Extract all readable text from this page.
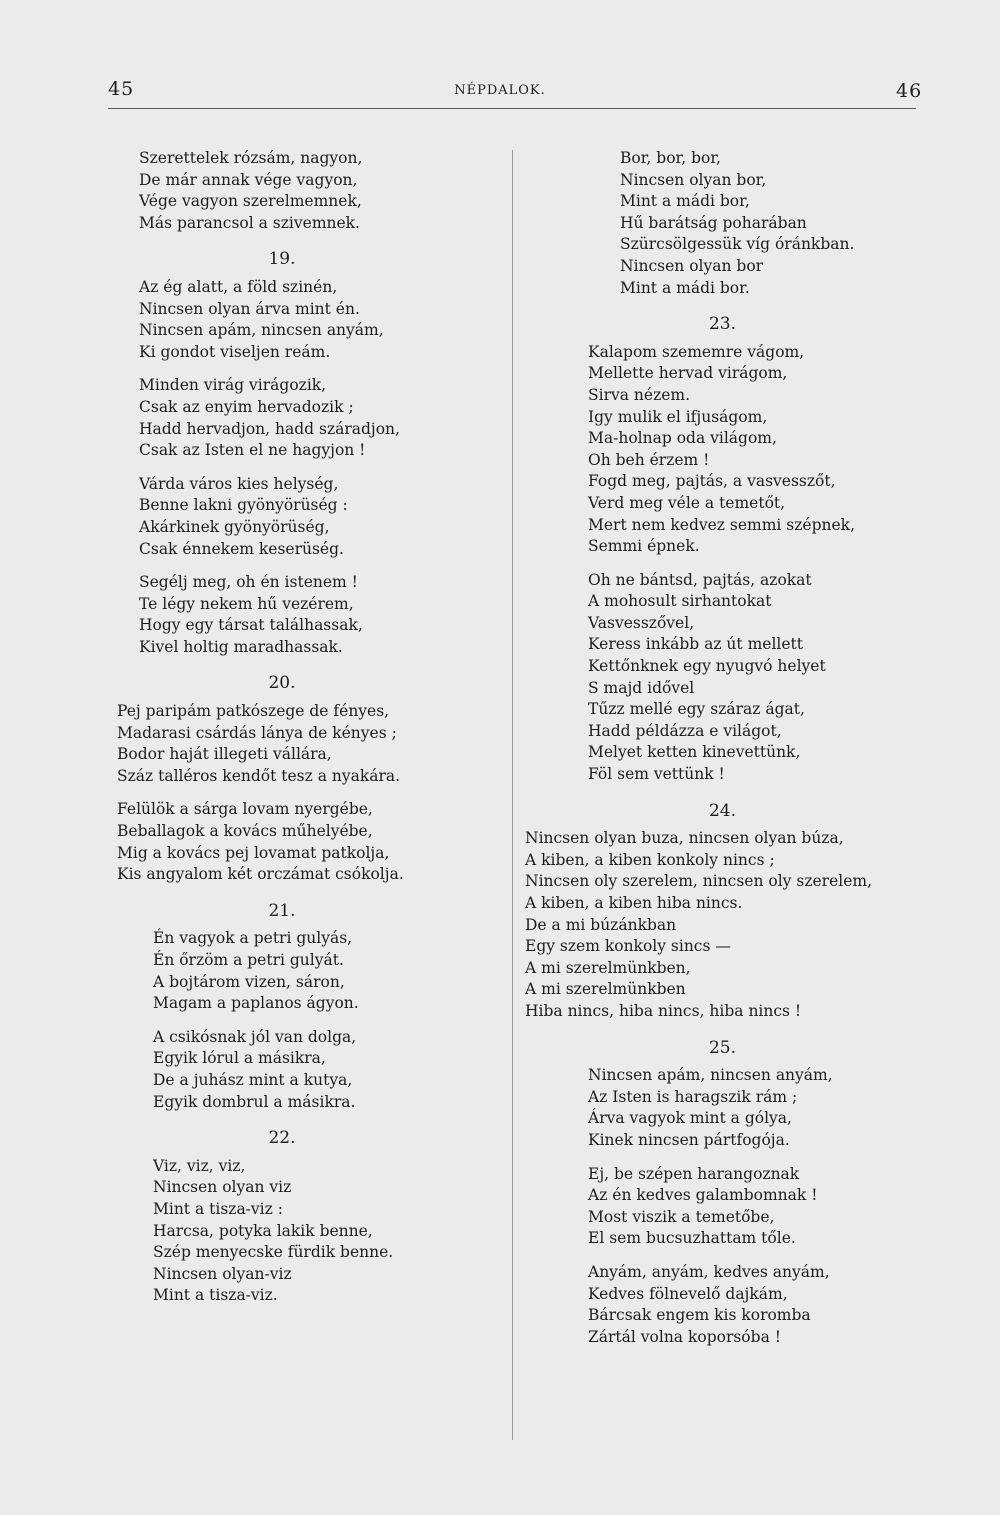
45	NÉPDALOK.	46
Szerettelek rózsám, nagyon,
De már annak vége vagyon,
Vége vagyon szerelmemnek,
Más parancsol a szivemnek.
19.
Az ég alatt, a föld szinén,
Nincsen olyan árva mint én.
Nincsen apám, nincsen anyám,
Ki gondot viseljen reám.
Minden virág virágozik,
Csak az enyim hervadozik ;
Hadd hervadjon, hadd száradjon,
Csak az Isten el ne hagyjon !
Várda város kies helység,
Benne lakni gyönyörüség :
Akárkinek gyönyörüség,
Csak énnekem keserüség.
Segélj meg, oh én istenem !
Te légy nekem hű vezérem,
Hogy egy társat találhassak,
Kivel holtig maradhassak.
20.
Pej paripám patkószege de fényes,
Madarasi csárdás lánya de kényes ;
Bodor haját illegeti vállára,
Száz talléros kendőt tesz a nyakára.
Felülök a sárga lovam nyergébe,
Beballagok a kovács műhelyébe,
Mig a kovács pej lovamat patkolja,
Kis angyalom két orczámat csókolja.
21.
Én vagyok a petri gulyás,
Én őrzöm a petri gulyát.
A bojtárom vizen, sáron,
Magam a paplanos ágyon.
A csikósnak jól van dolga,
Egyik lórul a másikra,
De a juhász mint a kutya,
Egyik dombrul a másikra.
22.
Viz, viz, viz,
Nincsen olyan viz
Mint a tisza-viz :
Harcsa, potyka lakik benne,
Szép menyecske fürdik benne.
Nincsen olyan-viz
Mint a tisza-viz.
Bor, bor, bor,
Nincsen olyan bor,
Mint a mádi bor,
Hű barátság poharában
Szürcsölgessük víg óránkban.
Nincsen olyan bor
Mint a mádi bor.
23.
Kalapom szememre vágom,
Mellette hervad virágom,
Sirva nézem.
Igy mulik el ifjuságom,
Ma-holnap oda világom,
Oh beh érzem !
Fogd meg, pajtás, a vasvesszőt,
Verd meg véle a temetőt,
Mert nem kedvez semmi szépnek,
Semmi épnek.
Oh ne bántsd, pajtás, azokat
A mohosult sirhantokat
Vasvesszővel,
Keress inkább az út mellett
Kettőnknek egy nyugvó helyet
S majd idővel
Tűzz mellé egy száraz ágat,
Hadd példázza e világot,
Melyet ketten kinevettünk,
Föl sem vettünk !
24.
Nincsen olyan buza, nincsen olyan búza,
A kiben, a kiben konkoly nincs ;
Nincsen oly szerelem, nincsen oly szerelem,
A kiben, a kiben hiba nincs.
De a mi búzánkban
Egy szem konkoly sincs —
A mi szerelmünkben,
A mi szerelmünkben
Hiba nincs, hiba nincs, hiba nincs !
25.
Nincsen apám, nincsen anyám,
Az Isten is haragszik rám ;
Árva vagyok mint a gólya,
Kinek nincsen pártfogója.
Ej, be szépen harangoznak
Az én kedves galambomnak !
Most viszik a temetőbe,
El sem bucsuzhattam tőle.
Anyám, anyám, kedves anyám,
Kedves fölnevelő dajkám,
Bárcsak engem kis koromba
Zártál volna koporsóba !
